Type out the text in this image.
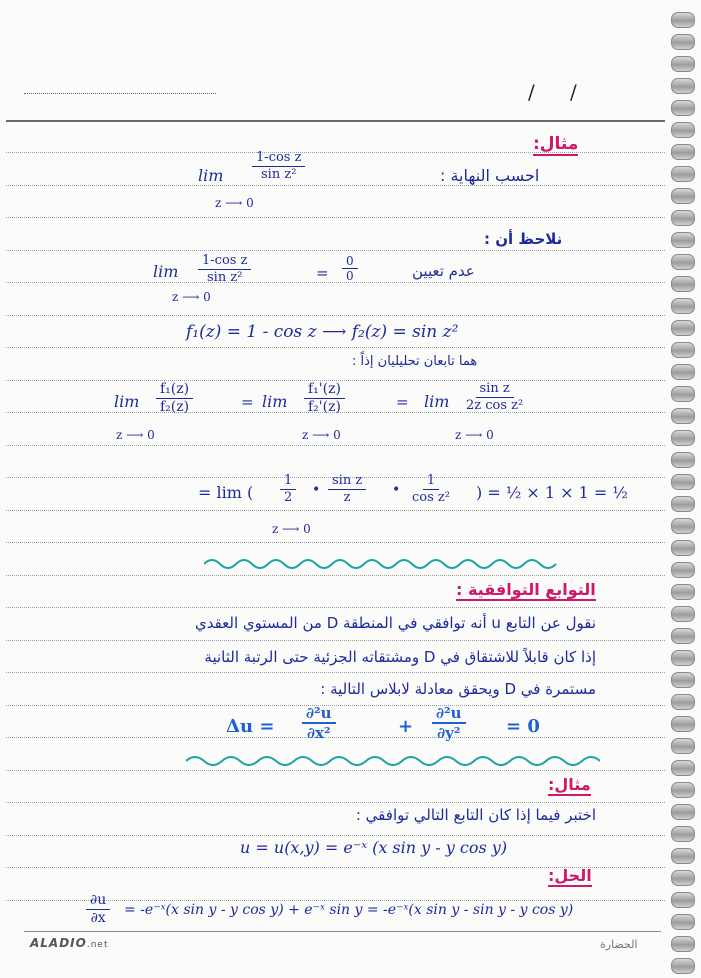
/ /
مثال:
احسب النهاية :
$\lim \frac{\text{1-cos z}}{\text{sin z²}}$
z ⟶ 0
نلاحظ أن :
$\lim \frac{\text{1-cos z}}{\text{sin z²}}$	= $\frac{0}{0}$	عدم تعيين
z ⟶ 0
f₁(z) = 1 - cos z ⟶ f₂(z) = sin z²
هما تابعان تحليليان إذاً :
$\lim \frac{\text{f₁(z)}}{\text{f₂(z)}}$	= $\lim \frac{\text{f₁'(z)}}{\text{f₂'(z)}}$	= $\lim \frac{\text{sin z}}{\text{2z cos z²}}$
z ⟶ 0	z ⟶ 0	z ⟶ 0
= lim ( $\frac{1}{2}$ • $\frac{\text{sin z}}{z}$ • $\frac{1}{\text{cos z²}}$ ) = ½ × 1 × 1 = ½
z ⟶ 0
التوابع التوافقية :
نقول عن التابع u أنه توافقي في المنطقة D من المستوي العقدي
إذا كان قابلاً للاشتقاق في D ومشتقاته الجزئية حتى الرتبة الثانية
مستمرة في D ويحقق معادلة لابلاس التالية :
$\Delta u = \frac{\text{∂²u}}{\text{∂x²}}$	+ $\frac{\text{∂²u}}{\text{∂y²}} = 0$
مثال:
اختبر فيما إذا كان التابع التالي توافقي :
u = u(x,y) = e⁻ˣ (x sin y - y cos y)
الحل:
$\frac{\partial u}{\partial x}$ = -e⁻ˣ(x sin y - y cos y) + e⁻ˣ sin y = -e⁻ˣ(x sin y - sin y - y cos y)
ALADIO.net	الحضارة
